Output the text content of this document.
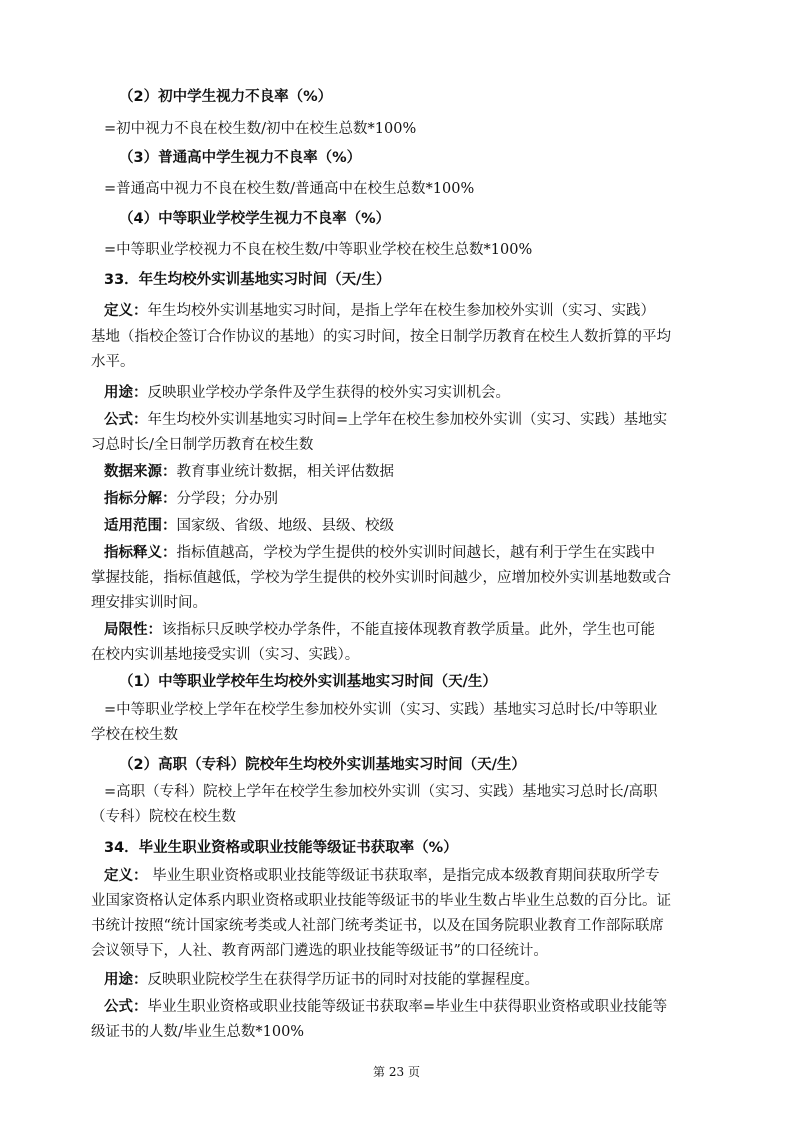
（2）初中学生视力不良率（%）
=初中视力不良在校生数/初中在校生总数*100%
（3）普通高中学生视力不良率（%）
=普通高中视力不良在校生数/普通高中在校生总数*100%
（4）中等职业学校学生视力不良率（%）
=中等职业学校视力不良在校生数/中等职业学校在校生总数*100%
33．年生均校外实训基地实习时间（天/生）
定义：年生均校外实训基地实习时间，是指上学年在校生参加校外实训（实习、实践）
基地（指校企签订合作协议的基地）的实习时间，按全日制学历教育在校生人数折算的平均
水平。
用途：反映职业学校办学条件及学生获得的校外实习实训机会。
公式：年生均校外实训基地实习时间=上学年在校生参加校外实训（实习、实践）基地实
习总时长/全日制学历教育在校生数
数据来源：教育事业统计数据，相关评估数据
指标分解：分学段；分办别
适用范围：国家级、省级、地级、县级、校级
指标释义：指标值越高，学校为学生提供的校外实训时间越长，越有利于学生在实践中
掌握技能，指标值越低，学校为学生提供的校外实训时间越少，应增加校外实训基地数或合
理安排实训时间。
局限性：该指标只反映学校办学条件，不能直接体现教育教学质量。此外，学生也可能
在校内实训基地接受实训（实习、实践）。
（1）中等职业学校年生均校外实训基地实习时间（天/生）
=中等职业学校上学年在校学生参加校外实训（实习、实践）基地实习总时长/中等职业
学校在校生数
（2）高职（专科）院校年生均校外实训基地实习时间（天/生）
=高职（专科）院校上学年在校学生参加校外实训（实习、实践）基地实习总时长/高职
（专科）院校在校生数
34．毕业生职业资格或职业技能等级证书获取率（%）
定义： 毕业生职业资格或职业技能等级证书获取率，是指完成本级教育期间获取所学专
业国家资格认定体系内职业资格或职业技能等级证书的毕业生数占毕业生总数的百分比。证
书统计按照“统计国家统考类或人社部门统考类证书，以及在国务院职业教育工作部际联席
会议领导下，人社、教育两部门遴选的职业技能等级证书”的口径统计。
用途：反映职业院校学生在获得学历证书的同时对技能的掌握程度。
公式：毕业生职业资格或职业技能等级证书获取率=毕业生中获得职业资格或职业技能等
级证书的人数/毕业生总数*100%
第 23 页
